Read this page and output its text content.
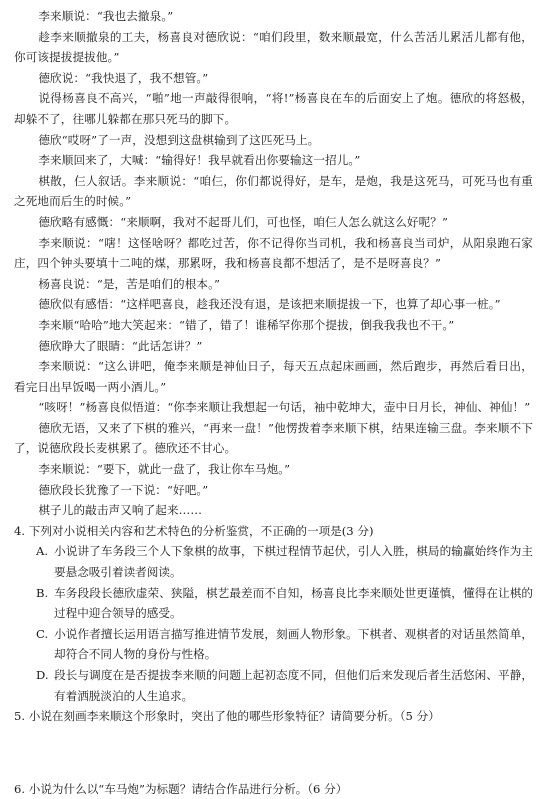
李来顺说：“我也去撤泉。”

趁李来顺撤泉的工夫，杨喜良对德欣说：“咱们段里，数来顺最宽，什么苦活儿累活儿都有他，你可该提拔提拔他。”

德欣说：“我快退了，我不想管。”

说得杨喜良不高兴，“啪”地一声敲得很响，“将!”杨喜良在车的后面安上了炮。德欣的将怒极，却躲不了，往哪儿躲都在那只死马的脚下。

德欣“哎呀”了一声，没想到这盘棋输到了这匹死马上。

李来顺回来了，大喊：“输得好！我早就看出你要输这一招儿。”

棋散，仨人叙话。李来顺说：“咱仨，你们都说得好，是车，是炮，我是这死马，可死马也有重之死地而后生的时候。”

德欣略有感慨：“来顺啊，我对不起哥儿们，可也怪，咱仨人怎么就这么好呢？”

李来顺说：“嗐！这怪啥呀？都吃过苦，你不记得你当司机，我和杨喜良当司炉，从阳泉跑石家庄，四个钟头要填十二吨的煤，那累呀，我和杨喜良都不想活了，是不是呀喜良？”

杨喜良说：“是，苦是咱们的根本。”

德欣似有感悟：“这样吧喜良，趁我还没有退，是该把来顺提拔一下，也算了却心事一桩。”

李来顺“哈哈”地大笑起来：“错了，错了！谁稀罕你那个提拔，倒我我我也不干。”

德欣睁大了眼睛：“此话怎讲？”

李来顺说：“这么讲吧，俺李来顺是神仙日子，每天五点起床画画，然后跑步，再然后看日出，看完日出早饭喝一两小酒儿。”

“咳呀！”杨喜良似悟道：“你李来顺让我想起一句话，袖中乾坤大，壶中日月长，神仙、神仙！”

德欣无语，又来了下棋的雅兴，“再来一盘！”他愣拨着李来顺下棋，结果连输三盘。李来顺不下了，说德欣段长麦棋累了。德欣还不甘心。

李来顺说：“要下，就此一盘了，我让你车马炮。”

德欣段长犹豫了一下说：“好吧。”

棋子儿的敲击声又响了起来……

4. 下列对小说相关内容和艺术特色的分析鉴赏，不正确的一项是(3 分)

A. 小说讲了车务段三个人下象棋的故事，下棋过程情节起伏，引人入胜，棋局的输赢始终作为主要悬念吸引着读者阅读。

B. 车务段段长德欣虚荣、狭隘，棋艺最差而不自知，杨喜良比李来顺处世更谨慎，懂得在让棋的过程中迎合领导的感受。

C. 小说作者擅长运用语言描写推进情节发展，刻画人物形象。下棋者、观棋者的对话虽然简单，却符合不同人物的身份与性格。

D. 段长与调度在是否提拔李来顺的问题上起初态度不同，但他们后来发现后者生活悠闲、平静，有着洒脱淡泊的人生追求。

5. 小说在刻画李来顺这个形象时，突出了他的哪些形象特征？请简要分析。（5 分）

6. 小说为什么以“车马炮”为标题？请结合作品进行分析。（6 分）
